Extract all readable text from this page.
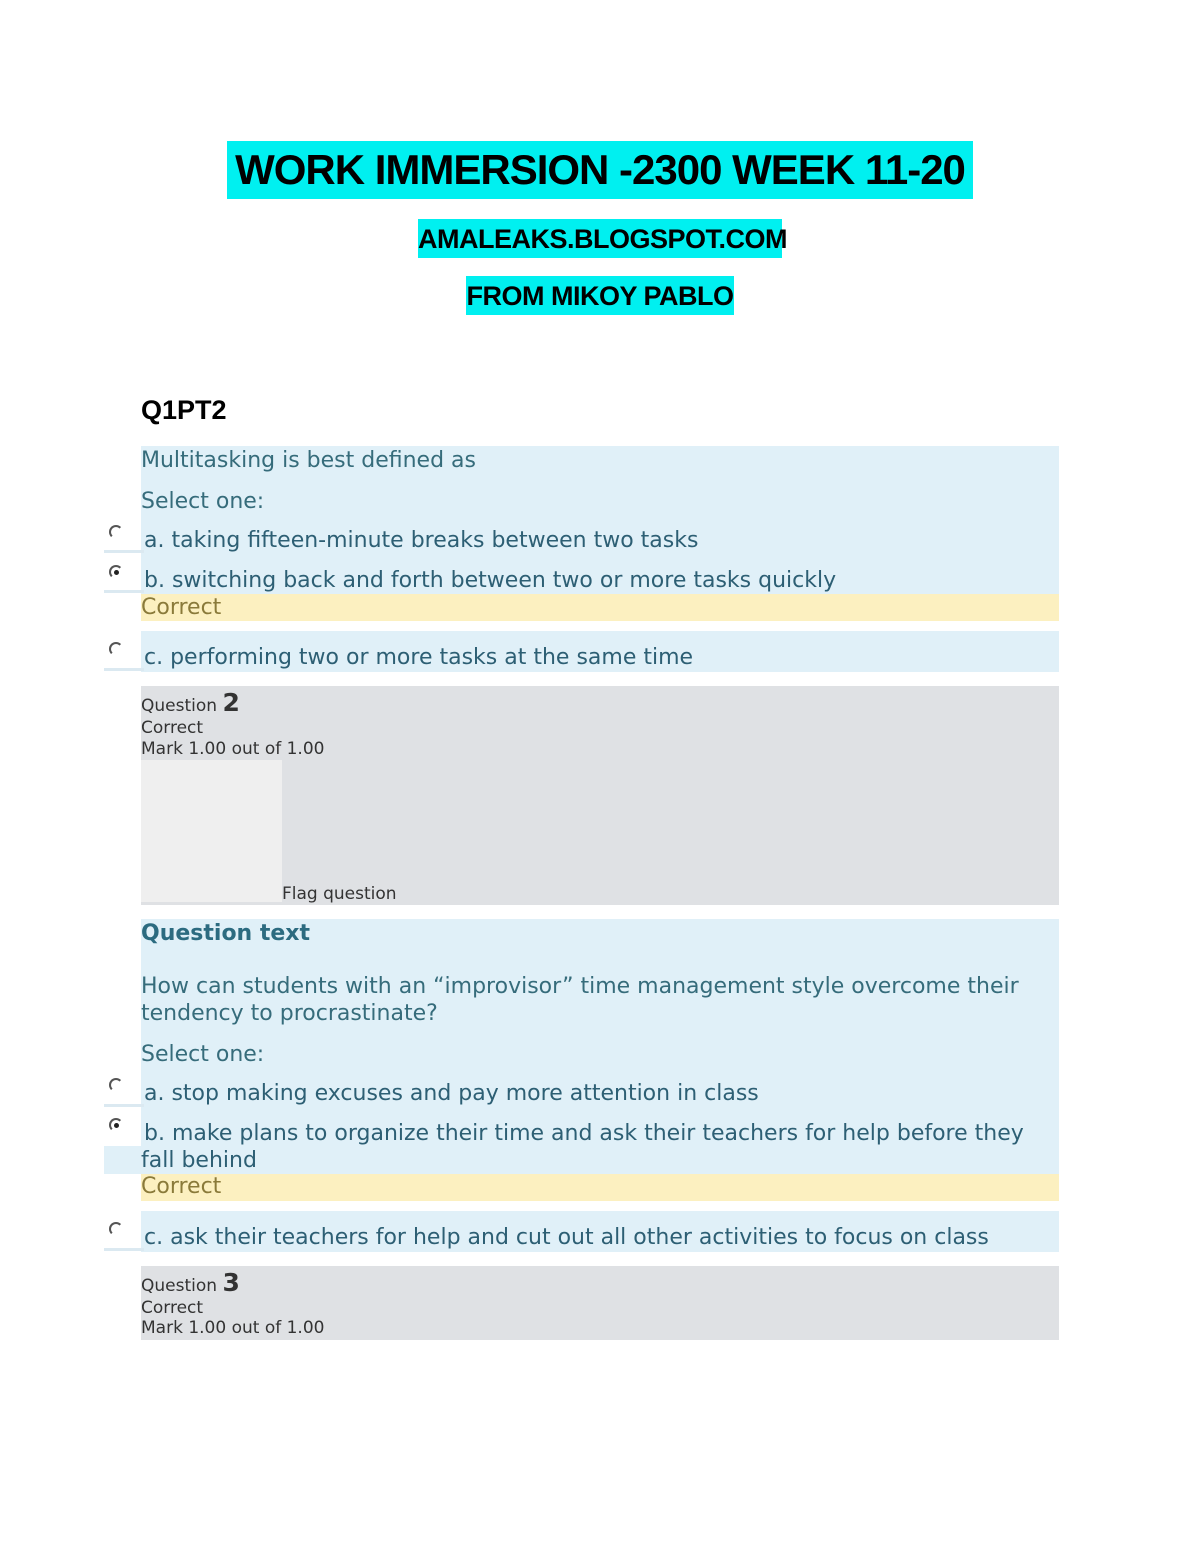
WORK IMMERSION -2300 WEEK 11-20
AMALEAKS.BLOGSPOT.COM
FROM MIKOY PABLO
Q1PT2
Multitasking is best defined as
Select one:
a. taking fifteen-minute breaks between two tasks
b. switching back and forth between two or more tasks quickly
Correct
c. performing two or more tasks at the same time
Question 2
Correct
Mark 1.00 out of 1.00
Flag question
Question text
How can students with an “improvisor” time management style overcome their
tendency to procrastinate?
Select one:
a. stop making excuses and pay more attention in class
b. make plans to organize their time and ask their teachers for help before they
fall behind
Correct
c. ask their teachers for help and cut out all other activities to focus on class
Question 3
Correct
Mark 1.00 out of 1.00
